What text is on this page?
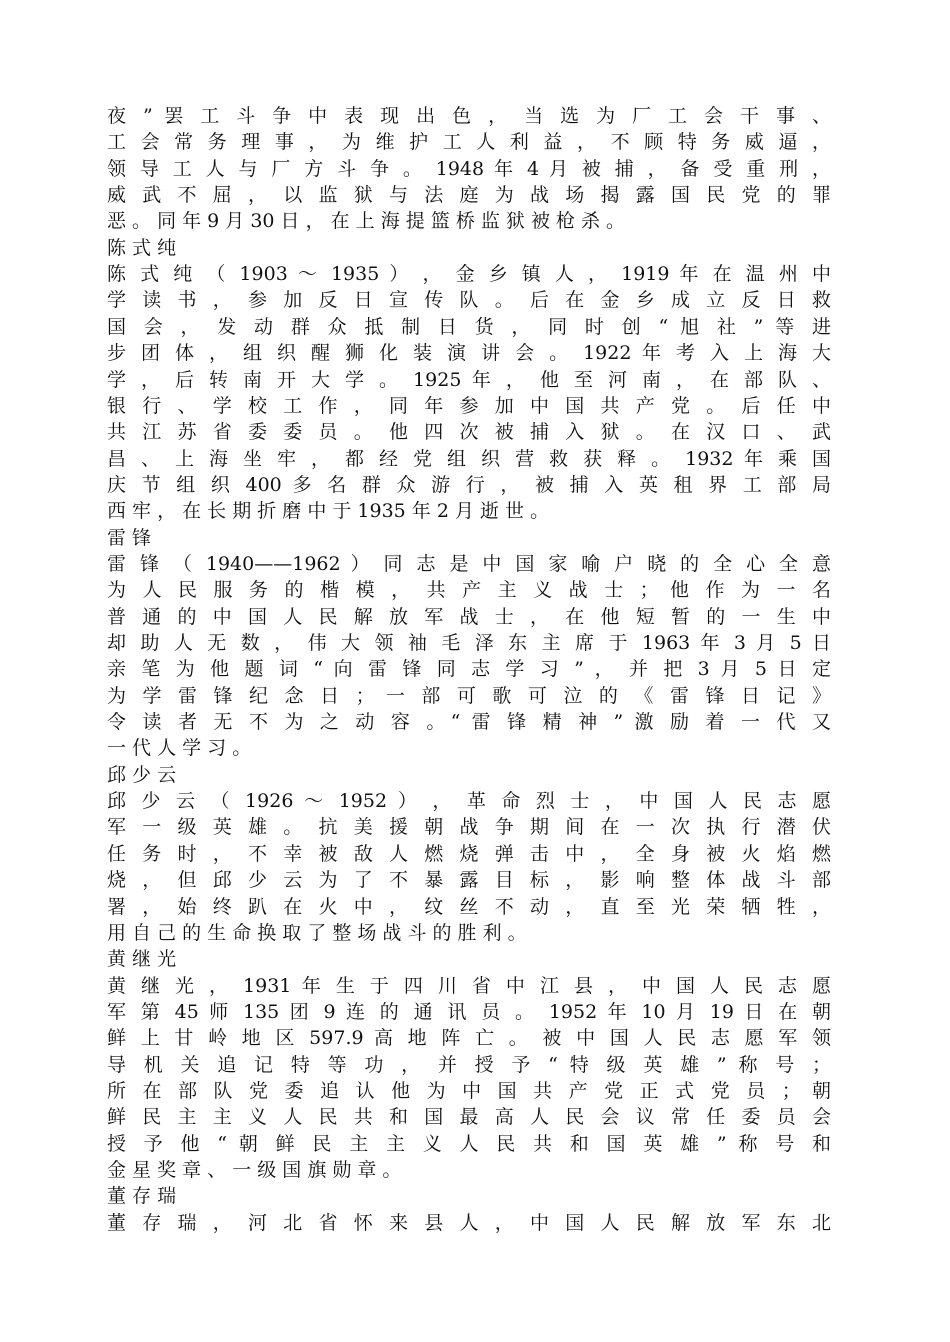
夜 ” 罢 工 斗 争 中 表 现 出 色 ， 当 选 为 厂 工 会 干 事 、
工 会 常 务 理 事 ， 为 维 护 工 人 利 益 ， 不 顾 特 务 威 逼 ，
领 导 工 人 与 厂 方 斗 争 。 1948 年 4 月 被 捕 ， 备 受 重 刑 ，
威 武 不 屈 ， 以 监 狱 与 法 庭 为 战 场 揭 露 国 民 党 的 罪
恶 。 同 年 9 月 30 日 ， 在 上 海 提 篮 桥 监 狱 被 枪 杀 。
陈 式 纯
陈 式 纯 （ 1903 ～ 1935 ） ， 金 乡 镇 人 ， 1919 年 在 温 州 中
学 读 书 ， 参 加 反 日 宣 传 队 。 后 在 金 乡 成 立 反 日 救
国 会 ， 发 动 群 众 抵 制 日 货 ， 同 时 创 “ 旭 社 ” 等 进
步 团 体 ， 组 织 醒 狮 化 装 演 讲 会 。 1922 年 考 入 上 海 大
学 ， 后 转 南 开 大 学 。 1925 年 ， 他 至 河 南 ， 在 部 队 、
银 行 、 学 校 工 作 ， 同 年 参 加 中 国 共 产 党 。 后 任 中
共 江 苏 省 委 委 员 。 他 四 次 被 捕 入 狱 。 在 汉 口 、 武
昌 、 上 海 坐 牢 ， 都 经 党 组 织 营 救 获 释 。 1932 年 乘 国
庆 节 组 织 400 多 名 群 众 游 行 ， 被 捕 入 英 租 界 工 部 局
西 牢 ， 在 长 期 折 磨 中 于 1935 年 2 月 逝 世 。
雷 锋
雷 锋 （ 1940——1962 ） 同 志 是 中 国 家 喻 户 晓 的 全 心 全 意
为 人 民 服 务 的 楷 模 ， 共 产 主 义 战 士 ； 他 作 为 一 名
普 通 的 中 国 人 民 解 放 军 战 士 ， 在 他 短 暂 的 一 生 中
却 助 人 无 数 ， 伟 大 领 袖 毛 泽 东 主 席 于 1963 年 3 月 5 日
亲 笔 为 他 题 词 “ 向 雷 锋 同 志 学 习 ” ， 并 把 3 月 5 日 定
为 学 雷 锋 纪 念 日 ； 一 部 可 歌 可 泣 的 《 雷 锋 日 记 》
令 读 者 无 不 为 之 动 容 。“ 雷 锋 精 神 ” 激 励 着 一 代 又
一 代 人 学 习 。
邱 少 云
邱 少 云 （ 1926 ～ 1952 ） ， 革 命 烈 士 ， 中 国 人 民 志 愿
军 一 级 英 雄 。 抗 美 援 朝 战 争 期 间 在 一 次 执 行 潜 伏
任 务 时 ， 不 幸 被 敌 人 燃 烧 弹 击 中 ， 全 身 被 火 焰 燃
烧 ， 但 邱 少 云 为 了 不 暴 露 目 标 ， 影 响 整 体 战 斗 部
署 ， 始 终 趴 在 火 中 ， 纹 丝 不 动 ， 直 至 光 荣 牺 牲 ，
用 自 己 的 生 命 换 取 了 整 场 战 斗 的 胜 利 。
黄 继 光
黄 继 光 ， 1931 年 生 于 四 川 省 中 江 县 ， 中 国 人 民 志 愿
军 第 45 师 135 团 9 连 的 通 讯 员 。 1952 年 10 月 19 日 在 朝
鲜 上 甘 岭 地 区 597.9 高 地 阵 亡 。 被 中 国 人 民 志 愿 军 领
导 机 关 追 记 特 等 功 ， 并 授 予 “ 特 级 英 雄 ” 称 号 ；
所 在 部 队 党 委 追 认 他 为 中 国 共 产 党 正 式 党 员 ； 朝
鲜 民 主 主 义 人 民 共 和 国 最 高 人 民 会 议 常 任 委 员 会
授 予 他 “ 朝 鲜 民 主 主 义 人 民 共 和 国 英 雄 ” 称 号 和
金 星 奖 章 、 一 级 国 旗 勋 章 。
董 存 瑞
董 存 瑞 ， 河 北 省 怀 来 县 人 ， 中 国 人 民 解 放 军 东 北
